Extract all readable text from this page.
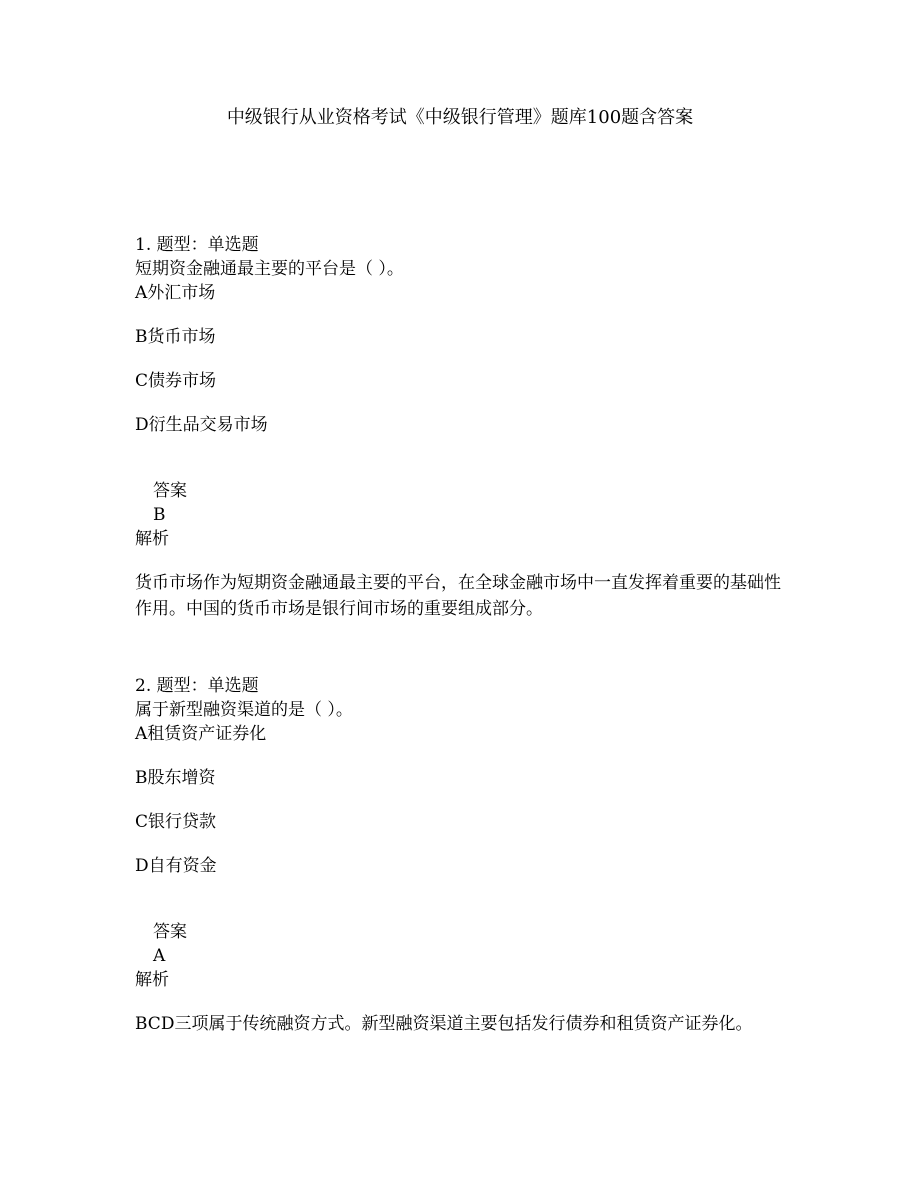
中级银行从业资格考试《中级银行管理》题库100题含答案
1. 题型：单选题
短期资金融通最主要的平台是（ ）。
A外汇市场
B货币市场
C债券市场
D衍生品交易市场
答案
B
解析
货币市场作为短期资金融通最主要的平台，在全球金融市场中一直发挥着重要的基础性作用。中国的货币市场是银行间市场的重要组成部分。
2. 题型：单选题
属于新型融资渠道的是（ ）。
A租赁资产证券化
B股东增资
C银行贷款
D自有资金
答案
A
解析
BCD三项属于传统融资方式。新型融资渠道主要包括发行债券和租赁资产证券化。
